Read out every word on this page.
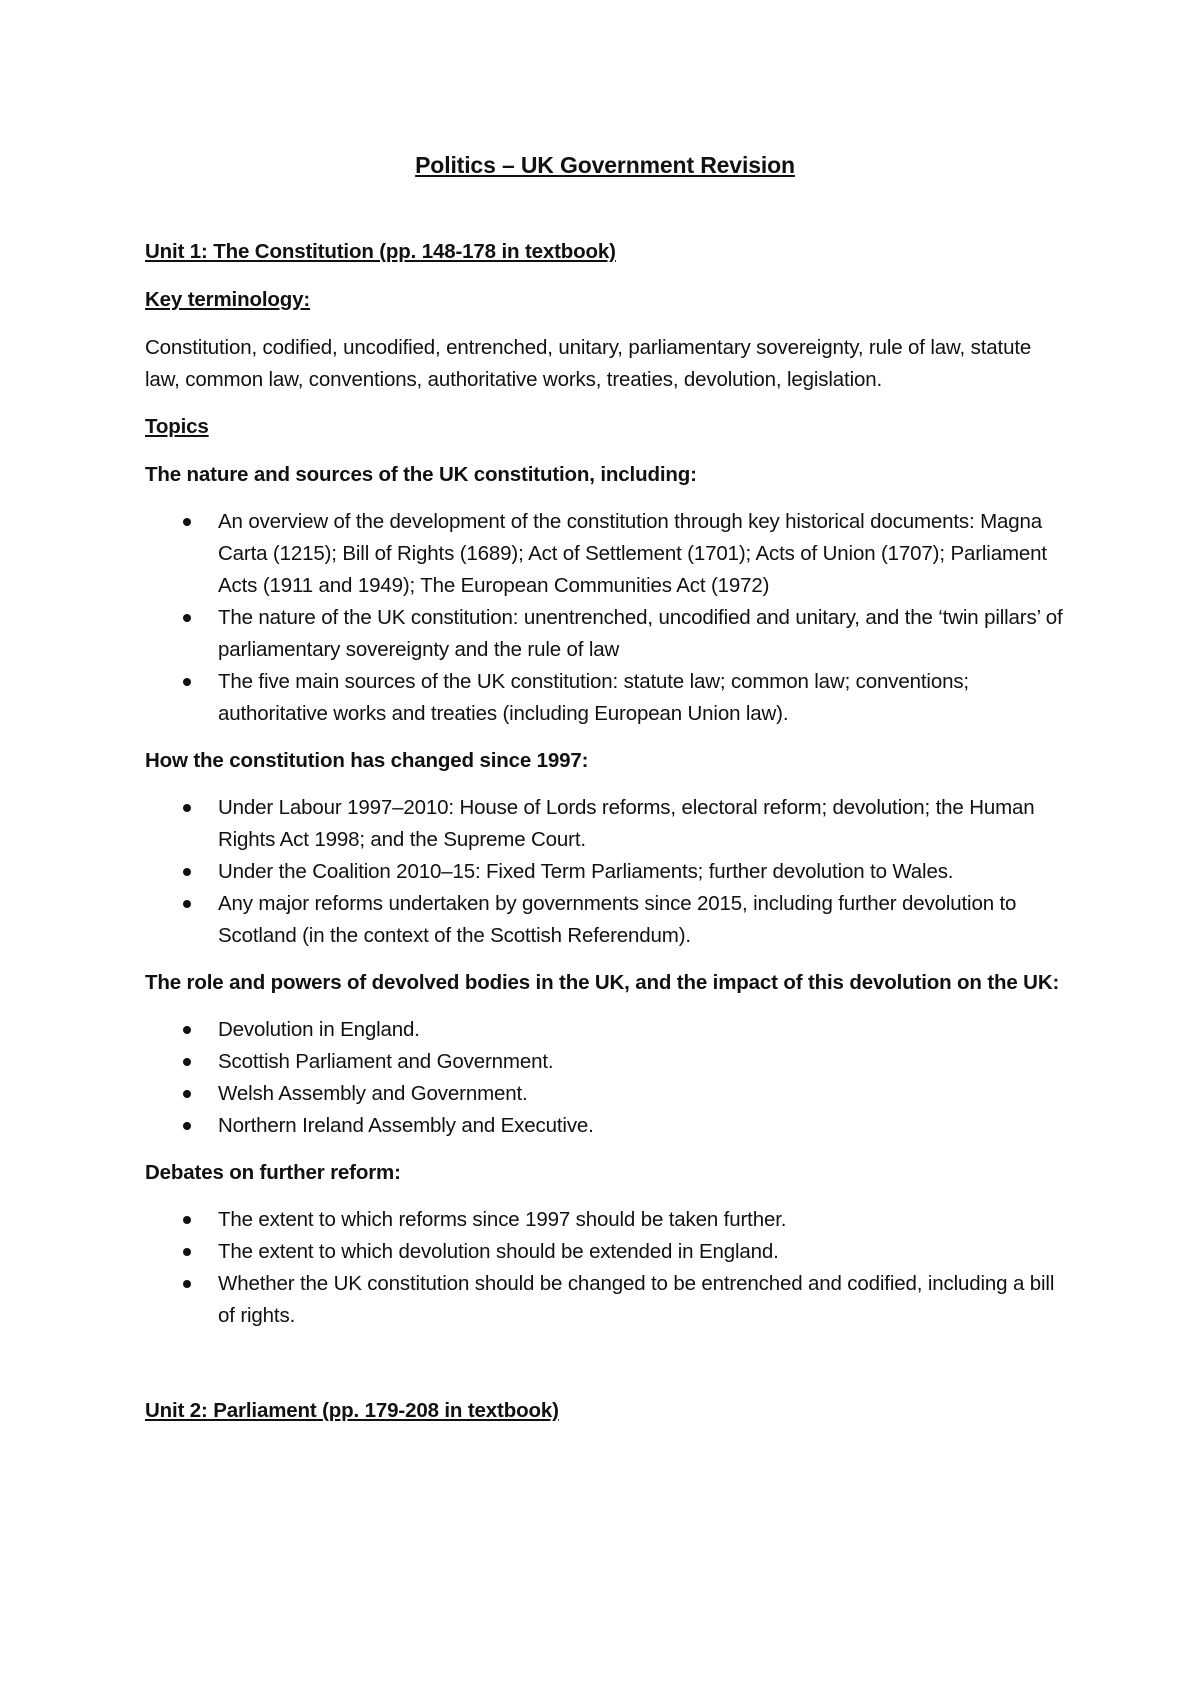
Politics – UK Government Revision
Unit 1: The Constitution (pp. 148-178 in textbook)
Key terminology:

Constitution, codified, uncodified, entrenched, unitary, parliamentary sovereignty, rule of law, statute law, common law, conventions, authoritative works, treaties, devolution, legislation.

Topics
The nature and sources of the UK constitution, including:
An overview of the development of the constitution through key historical documents: Magna Carta (1215); Bill of Rights (1689); Act of Settlement (1701); Acts of Union (1707); Parliament Acts (1911 and 1949); The European Communities Act (1972)
The nature of the UK constitution: unentrenched, uncodified and unitary, and the ‘twin pillars’ of parliamentary sovereignty and the rule of law
The five main sources of the UK constitution: statute law; common law; conventions; authoritative works and treaties (including European Union law).
How the constitution has changed since 1997:
Under Labour 1997–2010: House of Lords reforms, electoral reform; devolution; the Human Rights Act 1998; and the Supreme Court.
Under the Coalition 2010–15: Fixed Term Parliaments; further devolution to Wales.
Any major reforms undertaken by governments since 2015, including further devolution to Scotland (in the context of the Scottish Referendum).
The role and powers of devolved bodies in the UK, and the impact of this devolution on the UK:
Devolution in England.
Scottish Parliament and Government.
Welsh Assembly and Government.
Northern Ireland Assembly and Executive.
Debates on further reform:
The extent to which reforms since 1997 should be taken further.
The extent to which devolution should be extended in England.
Whether the UK constitution should be changed to be entrenched and codified, including a bill of rights.
Unit 2: Parliament (pp. 179-208 in textbook)
